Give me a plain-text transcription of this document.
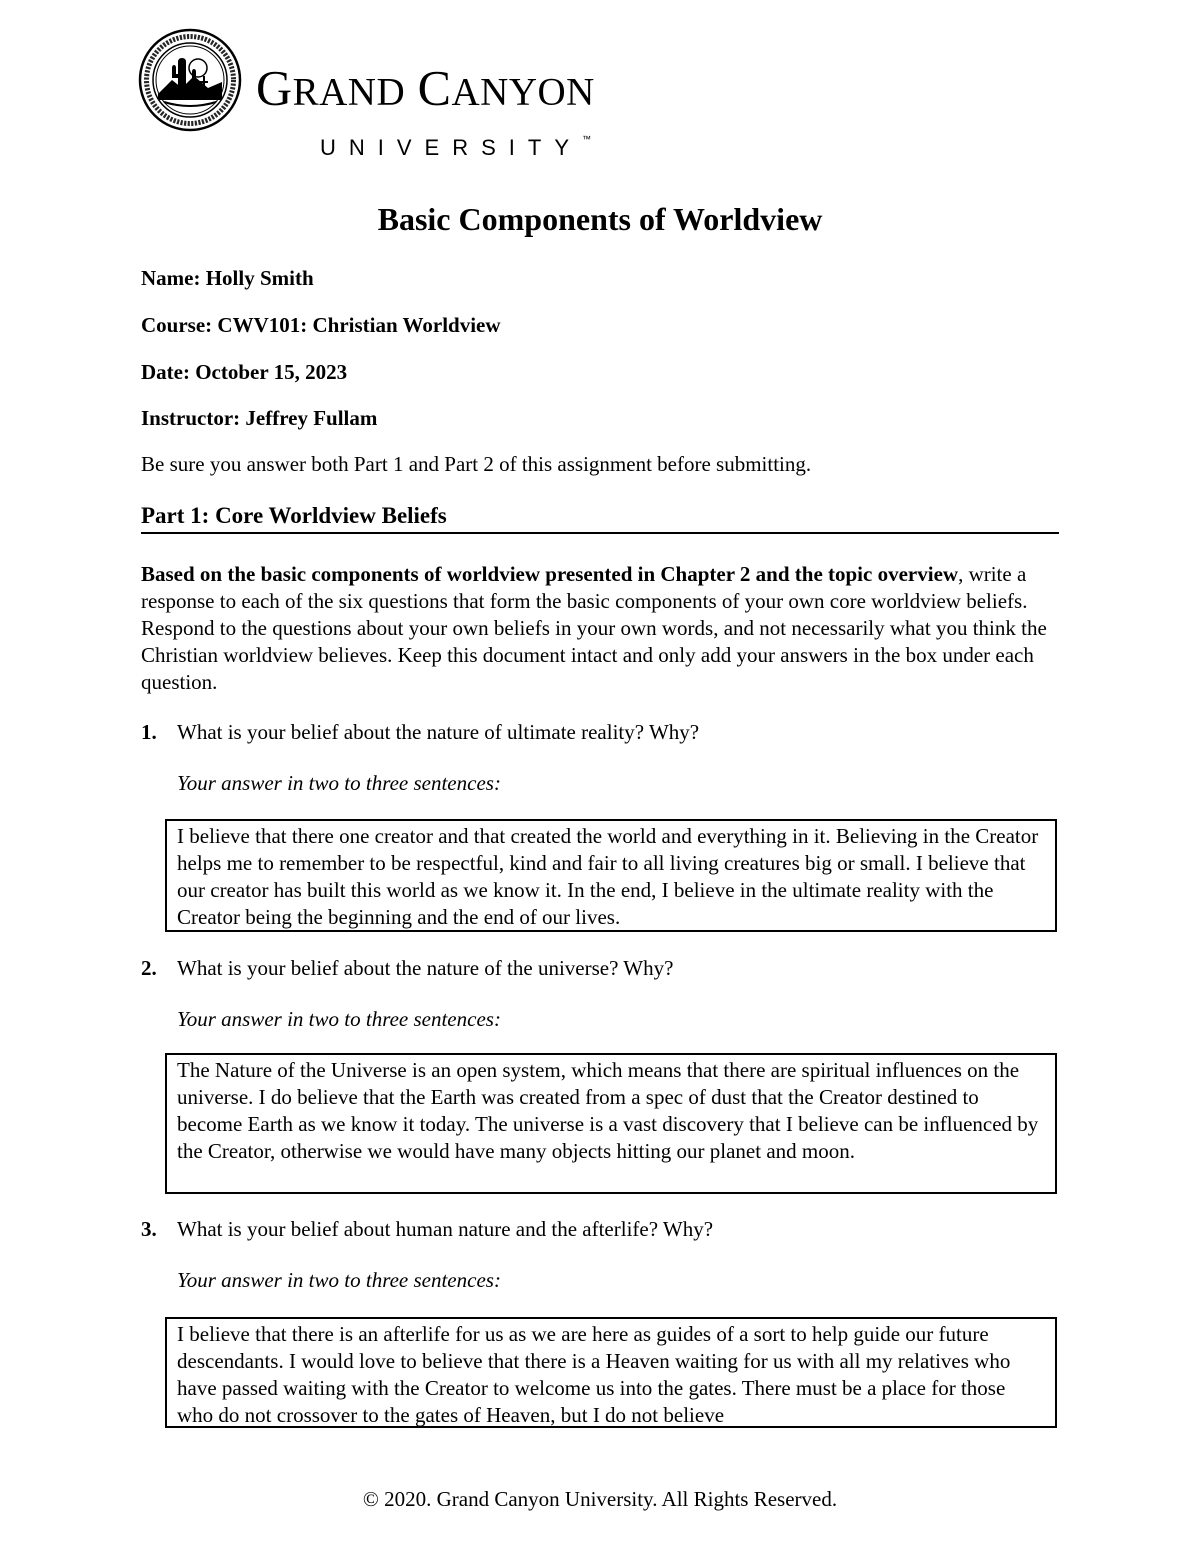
GRAND CANYON
UNIVERSITY™
Basic Components of Worldview
Name: Holly Smith
Course: CWV101: Christian Worldview
Date: October 15, 2023
Instructor: Jeffrey Fullam
Be sure you answer both Part 1 and Part 2 of this assignment before submitting.
Part 1: Core Worldview Beliefs

Based on the basic components of worldview presented in Chapter 2 and the topic overview, write a response to each of the six questions that form the basic components of your own core worldview beliefs. Respond to the questions about your own beliefs in your own words, and not necessarily what you think the Christian worldview believes. Keep this document intact and only add your answers in the box under each question.

1. What is your belief about the nature of ultimate reality? Why?
Your answer in two to three sentences:
I believe that there one creator and that created the world and everything in it. Believing in the Creator helps me to remember to be respectful, kind and fair to all living creatures big or small. I believe that our creator has built this world as we know it. In the end, I believe in the ultimate reality with the Creator being the beginning and the end of our lives.
2. What is your belief about the nature of the universe? Why?
Your answer in two to three sentences:
The Nature of the Universe is an open system, which means that there are spiritual influences on the universe. I do believe that the Earth was created from a spec of dust that the Creator destined to become Earth as we know it today. The universe is a vast discovery that I believe can be influenced by the Creator, otherwise we would have many objects hitting our planet and moon.
3. What is your belief about human nature and the afterlife? Why?
Your answer in two to three sentences:
I believe that there is an afterlife for us as we are here as guides of a sort to help guide our future descendants. I would love to believe that there is a Heaven waiting for us with all my relatives who have passed waiting with the Creator to welcome us into the gates. There must be a place for those who do not crossover to the gates of Heaven, but I do not believe
© 2020. Grand Canyon University. All Rights Reserved.
